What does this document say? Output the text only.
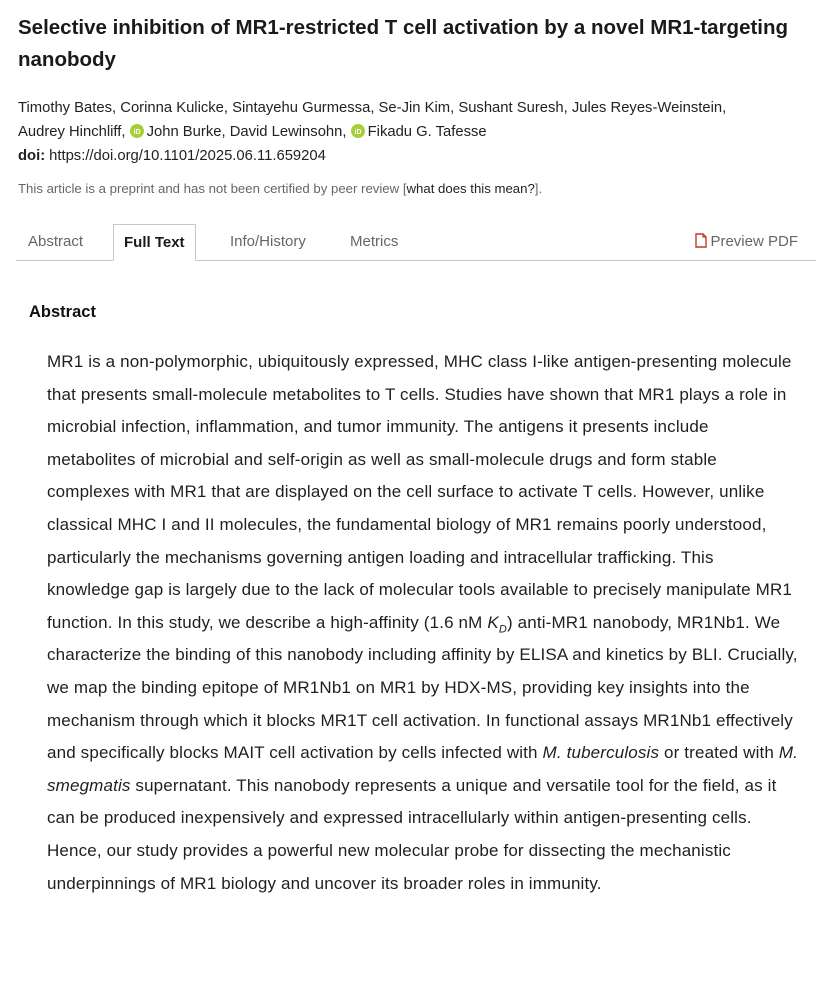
Selective inhibition of MR1-restricted T cell activation by a novel MR1-targeting nanobody
Timothy Bates, Corinna Kulicke, Sintayehu Gurmessa, Se-Jin Kim, Sushant Suresh, Jules Reyes-Weinstein, Audrey Hinchliff, iD John Burke, David Lewinsohn, iD Fikadu G. Tafesse
doi: https://doi.org/10.1101/2025.06.11.659204
This article is a preprint and has not been certified by peer review [what does this mean?].
Abstract	Full Text	Info/History	Metrics	Preview PDF
Abstract

MR1 is a non-polymorphic, ubiquitously expressed, MHC class I-like antigen-presenting molecule that presents small-molecule metabolites to T cells. Studies have shown that MR1 plays a role in microbial infection, inflammation, and tumor immunity. The antigens it presents include metabolites of microbial and self-origin as well as small-molecule drugs and form stable complexes with MR1 that are displayed on the cell surface to activate T cells. However, unlike classical MHC I and II molecules, the fundamental biology of MR1 remains poorly understood, particularly the mechanisms governing antigen loading and intracellular trafficking. This knowledge gap is largely due to the lack of molecular tools available to precisely manipulate MR1 function. In this study, we describe a high-affinity (1.6 nM $K_D$) anti-MR1 nanobody, MR1Nb1. We characterize the binding of this nanobody including affinity by ELISA and kinetics by BLI. Crucially, we map the binding epitope of MR1Nb1 on MR1 by HDX-MS, providing key insights into the mechanism through which it blocks MR1T cell activation. In functional assays MR1Nb1 effectively and specifically blocks MAIT cell activation by cells infected with M. tuberculosis or treated with M. smegmatis supernatant. This nanobody represents a unique and versatile tool for the field, as it can be produced inexpensively and expressed intracellularly within antigen-presenting cells. Hence, our study provides a powerful new molecular probe for dissecting the mechanistic underpinnings of MR1 biology and uncover its broader roles in immunity.
